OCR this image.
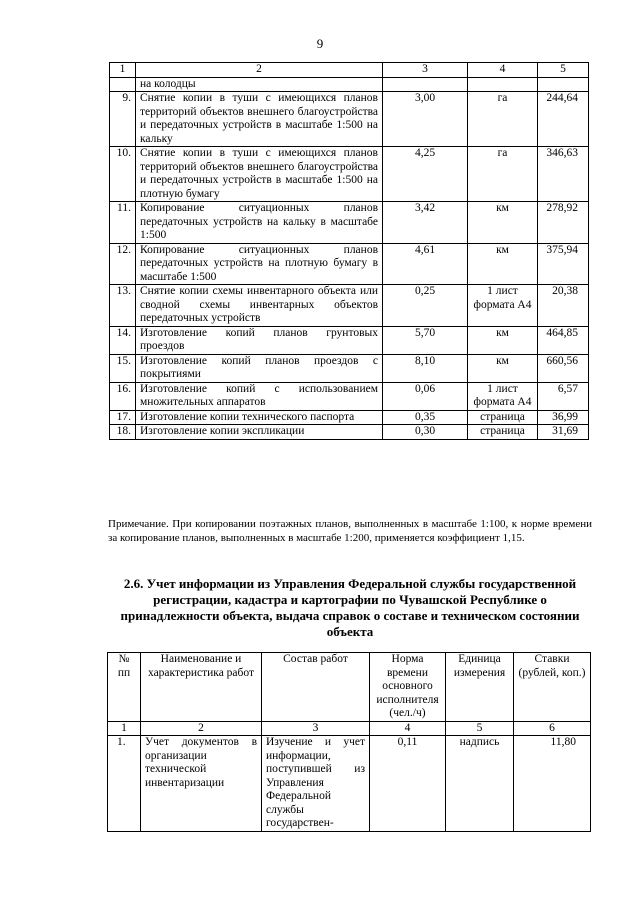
9
1	2	3	4	5
	на колодцы			
9.	Снятие копии в туши с имеющихся планов территорий объектов внешнего благоустройства и передаточных устройств в масштабе 1:500 на кальку	3,00	га	244,64
10.	Снятие копии в туши с имеющихся планов территорий объектов внешнего благоустройства и передаточных устройств в масштабе 1:500 на плотную бумагу	4,25	га	346,63
11.	Копирование ситуационных планов передаточных устройств на кальку в масштабе 1:500	3,42	км	278,92
12.	Копирование ситуационных планов передаточных устройств на плотную бумагу в масштабе 1:500	4,61	км	375,94
13.	Снятие копии схемы инвентарного объекта или сводной схемы инвентарных объектов передаточных устройств	0,25	1 лист формата А4	20,38
14.	Изготовление копий планов грунтовых проездов	5,70	км	464,85
15.	Изготовление копий планов проездов с покрытиями	8,10	км	660,56
16.	Изготовление копий с использованием множительных аппаратов	0,06	1 лист формата А4	6,57
17.	Изготовление копии технического паспорта	0,35	страница	36,99
18.	Изготовление копии экспликации	0,30	страница	31,69
Примечание. При копировании поэтажных планов, выполненных в масштабе 1:100, к норме времени за копирование планов, выполненных в масштабе 1:200, применяется коэффициент 1,15.
2.6. Учет информации из Управления Федеральной службы государственной регистрации, кадастра и картографии по Чувашской Республике о принадлежности объекта, выдача справок о составе и техническом состоянии объекта
№ пп	Наименование и характеристика работ	Состав работ	Норма времени основного исполнителя (чел./ч)	Единица измерения	Ставки (рублей, коп.)
1	2	3	4	5	6
1.	Учет документов в организации технической инвентаризации	Изучение и учет информации, поступившей из Управления Федеральной службы государствен-	0,11	надпись	11,80
